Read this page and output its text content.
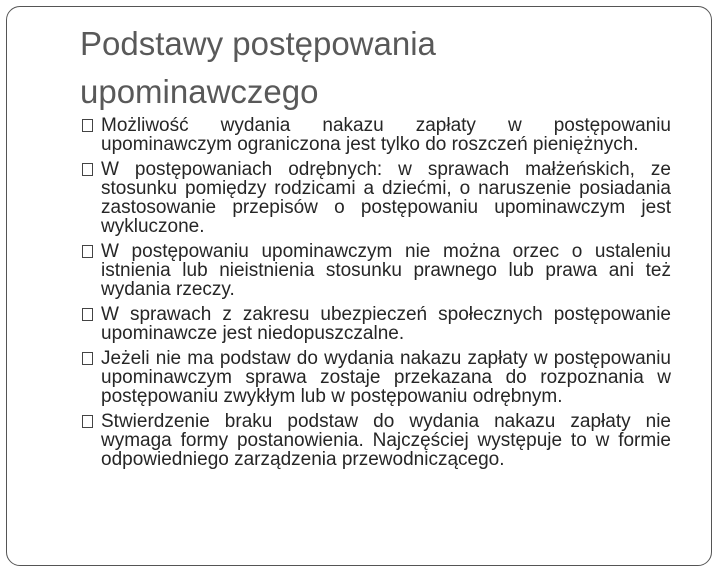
Podstawy postępowania
upominawczego
Możliwość wydania nakazu zapłaty w postępowaniu upominawczym ograniczona jest tylko do roszczeń pieniężnych.
W postępowaniach odrębnych: w sprawach małżeńskich, ze stosunku pomiędzy rodzicami a dziećmi, o naruszenie posiadania zastosowanie przepisów o postępowaniu upominawczym jest wykluczone.
W postępowaniu upominawczym nie można orzec o ustaleniu istnienia lub nieistnienia stosunku prawnego lub prawa ani też wydania rzeczy.
W sprawach z zakresu ubezpieczeń społecznych postępowanie upominawcze jest niedopuszczalne.
Jeżeli nie ma podstaw do wydania nakazu zapłaty w postępowaniu upominawczym sprawa zostaje przekazana do rozpoznania w postępowaniu zwykłym lub w postępowaniu odrębnym.
Stwierdzenie braku podstaw do wydania nakazu zapłaty nie wymaga formy postanowienia. Najczęściej występuje to w formie odpowiedniego zarządzenia przewodniczącego.
